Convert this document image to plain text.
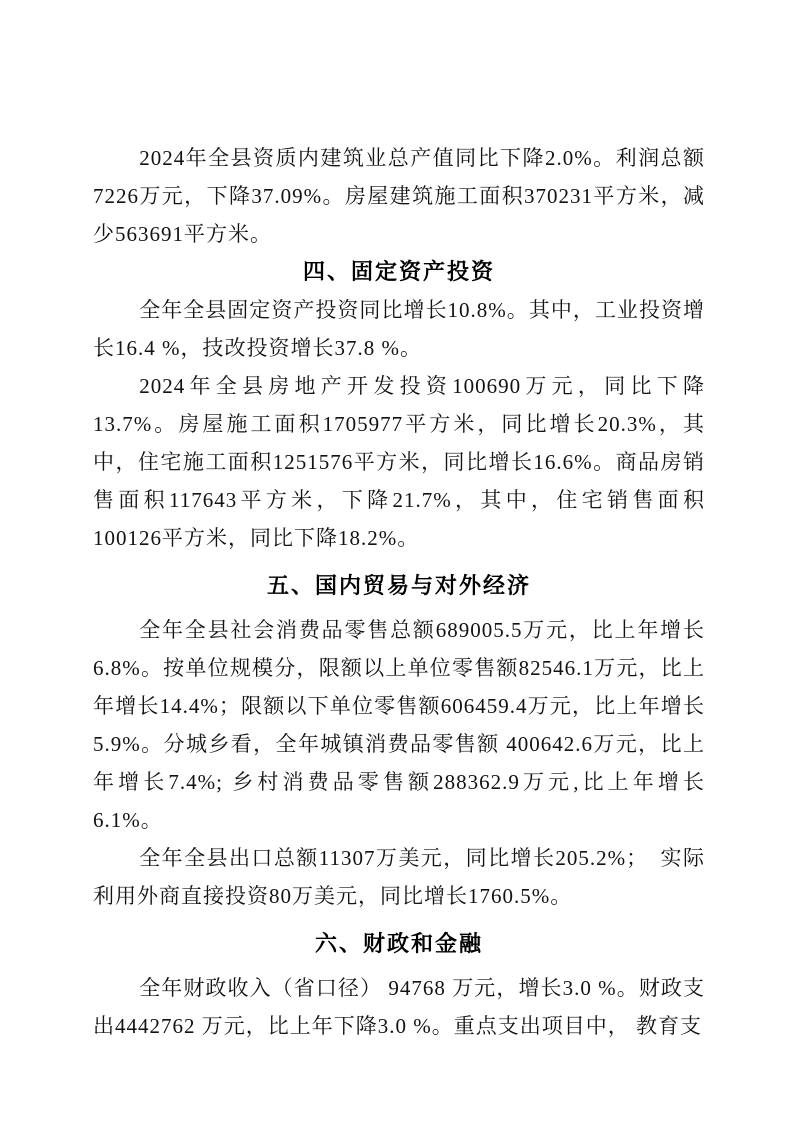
2024年全县资质内建筑业总产值同比下降2.0%。利润总额7226万元，下降37.09%。房屋建筑施工面积370231平方米，减少563691平方米。

四、固定资产投资

全年全县固定资产投资同比增长10.8%。其中，工业投资增长16.4 %，技改投资增长37.8 %。

2024年全县房地产开发投资100690万元，同比下降13.7%。房屋施工面积1705977平方米，同比增长20.3%，其中，住宅施工面积1251576平方米，同比增长16.6%。商品房销售面积117643平方米，下降21.7%，其中，住宅销售面积100126平方米，同比下降18.2%。

五、国内贸易与对外经济

全年全县社会消费品零售总额689005.5万元，比上年增长6.8%。按单位规模分，限额以上单位零售额82546.1万元，比上年增长14.4%；限额以下单位零售额606459.4万元，比上年增长5.9%。分城乡看，全年城镇消费品零售额 400642.6万元，比上年增长7.4%; 乡村消费品零售额288362.9万元,比上年增长6.1%。

全年全县出口总额11307万美元，同比增长205.2%；　实际利用外商直接投资80万美元，同比增长1760.5%。

六、财政和金融

全年财政收入（省口径） 94768 万元，增长3.0 %。财政支出4442762 万元，比上年下降3.0 %。重点支出项目中， 教育支
